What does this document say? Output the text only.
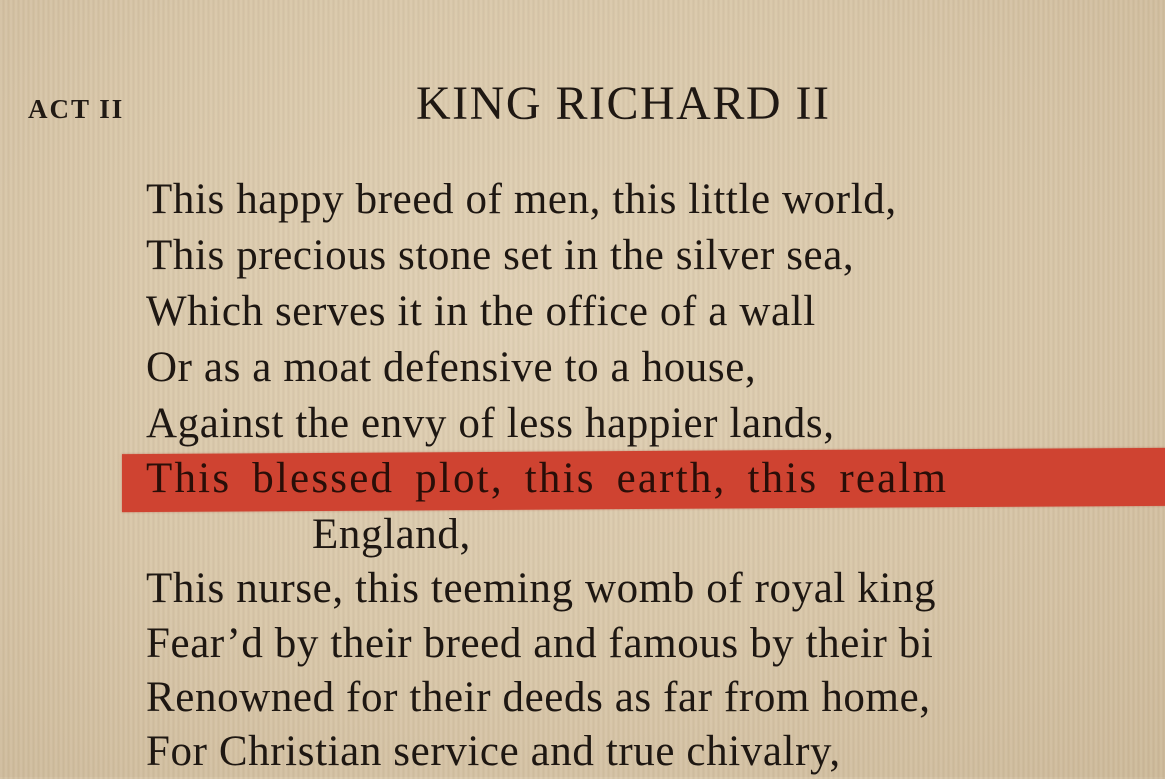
ACT II	KING RICHARD II
This happy breed of men, this little world,
This precious stone set in the silver sea,
Which serves it in the office of a wall
Or as a moat defensive to a house,
Against the envy of less happier lands,
This blessed plot, this earth, this realm
England,
This nurse, this teeming womb of royal king
Fear’d by their breed and famous by their bi
Renowned for their deeds as far from home,
For Christian service and true chivalry,
